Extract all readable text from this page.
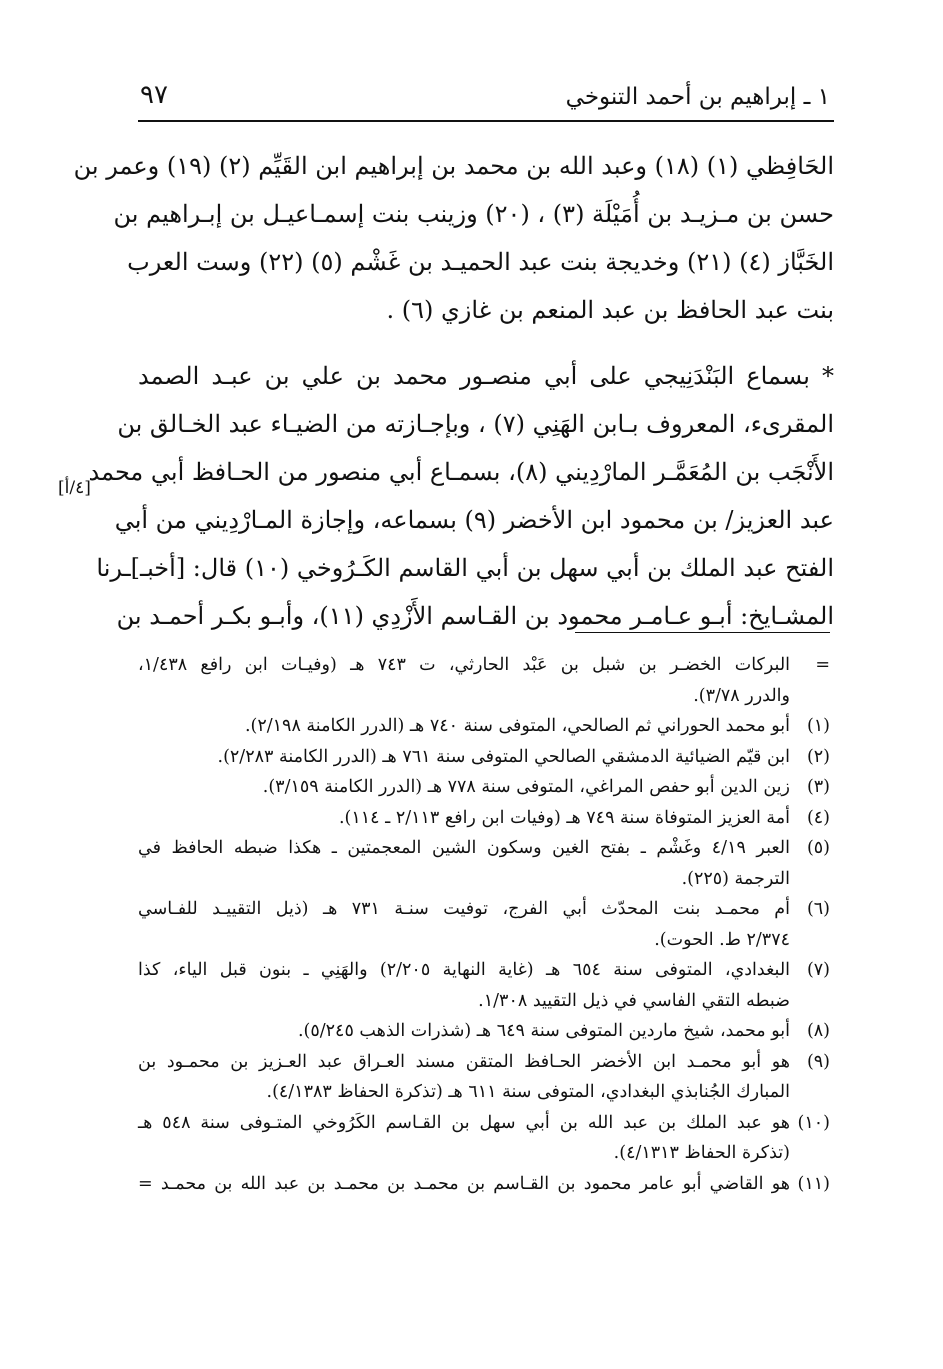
٩٧	١ ـ إبراهيم بن أحمد التنوخي
الحَافِظي (١) (١٨) وعبد الله بن محمد بن إبراهيم ابن القَيِّم (٢) (١٩) وعمر بن
حسن بن مـزيـد بن أُمَيْلَة (٣) ، (٢٠) وزينب بنت إسمـاعيـل بن إبـراهيم بن
الخَبَّاز (٤) (٢١) وخديجة بنت عبد الحميـد بن غَشْم (٥) (٢٢) وست العرب
بنت عبد الحافظ بن عبد المنعم بن غازي (٦) .
* بسماع البَنْدَنِيجي على أبي منصـور محمد بن علي بن عبـد الصمد
المقرىء، المعروف بـابن الهَنِي (٧) ، وبإجـازته من الضيـاء عبد الخـالق بن
الأَنْجَب بن المُعَمَّـر المارْدِيني (٨)، بسمـاع أبي منصور من الحـافظ أبي محمد
عبد العزيز/ بن محمود ابن الأخضر (٩) بسماعه، وإجازة المـارْدِيني من أبي
الفتح عبد الملك بن أبي سهل بن أبي القاسم الكَـرُوخي (١٠) قال: [أخبـ]ـرنا
المشـايخ: أبـو عـامـر محمود بن القـاسم الأَزْدِي (١١)، وأبـو بكـر أحمـد بن
[٤/أ]
=
البركات الخضـر بن شبل بن عَبْد الحارثي، ت ٧٤٣ هـ (وفيـات ابن رافع ١/٤٣٨،
والدرر ٣/٧٨).
(١)
أبو محمد الحوراني ثم الصالحي، المتوفى سنة ٧٤٠ هـ (الدرر الكامنة ٢/١٩٨).
(٢)
ابن قيّم الضيائية الدمشقي الصالحي المتوفى سنة ٧٦١ هـ (الدرر الكامنة ٢/٢٨٣).
(٣)
زين الدين أبو حفص المراغي، المتوفى سنة ٧٧٨ هـ (الدرر الكامنة ٣/١٥٩).
(٤)
أمة العزيز المتوفاة سنة ٧٤٩ هـ (وفيات ابن رافع ٢/١١٣ ـ ١١٤).
(٥)
العبر ٤/١٩ وغَشْم ـ بفتح الغين وسكون الشين المعجمتين ـ هكذا ضبطه الحافظ في
الترجمة (٢٢٥).
(٦)
أم محمـد بنت المحدّث أبي الفرج، توفيت سنـة ٧٣١ هـ (ذيل التقييـد للفـاسي
٢/٣٧٤ ط. الحوت).
(٧)
البغدادي، المتوفى سنة ٦٥٤ هـ (غاية النهاية ٢/٢٠٥) والهَنِي ـ بنون قبل الياء، كذا
ضبطه التقي الفاسي في ذيل التقييد ١/٣٠٨.
(٨)
أبو محمد، شيخ ماردين المتوفى سنة ٦٤٩ هـ (شذرات الذهب ٥/٢٤٥).
(٩)
هو أبو محمـد ابن الأخضر الحـافظ المتقن مسند العـراق عبد العـزيز بن محمـود بن
المبارك الجُنابذي البغدادي، المتوفى سنة ٦١١ هـ (تذكرة الحفاظ ٤/١٣٨٣).
(١٠)
هو عبد الملك بن عبد الله بن أبي سهل بن القـاسم الكَرُوخي المتـوفى سنة ٥٤٨ هـ
(تذكرة الحفاظ ٤/١٣١٣).
(١١)
هو القاضي أبو عامر محمود بن القـاسم بن محمـد بن محمـد بن عبد الله بن محمـد =
